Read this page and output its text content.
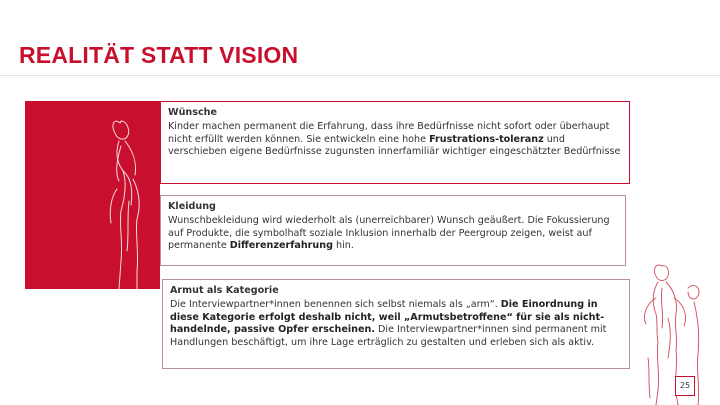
REALITÄT STATT VISION
Wünsche
Kinder machen permanent die Erfahrung, dass ihre Bedürfnisse nicht sofort oder überhaupt nicht erfüllt werden können. Sie entwickeln eine hohe Frustrations-toleranz und verschieben eigene Bedürfnisse zugunsten innerfamiliär wichtiger eingeschätzter Bedürfnisse
Kleidung
Wunschbekleidung wird wiederholt als (unerreichbarer) Wunsch geäußert. Die Fokussierung auf Produkte, die symbolhaft soziale Inklusion innerhalb der Peergroup zeigen, weist auf permanente Differenzerfahrung hin.
Armut als Kategorie
Die Interviewpartner*innen benennen sich selbst niemals als „arm“. Die Einordnung in diese Kategorie erfolgt deshalb nicht, weil „Armutsbetroffene“ für sie als nicht-handelnde, passive Opfer erscheinen. Die Interviewpartner*innen sind permanent mit Handlungen beschäftigt, um ihre Lage erträglich zu gestalten und erleben sich als aktiv.
25
